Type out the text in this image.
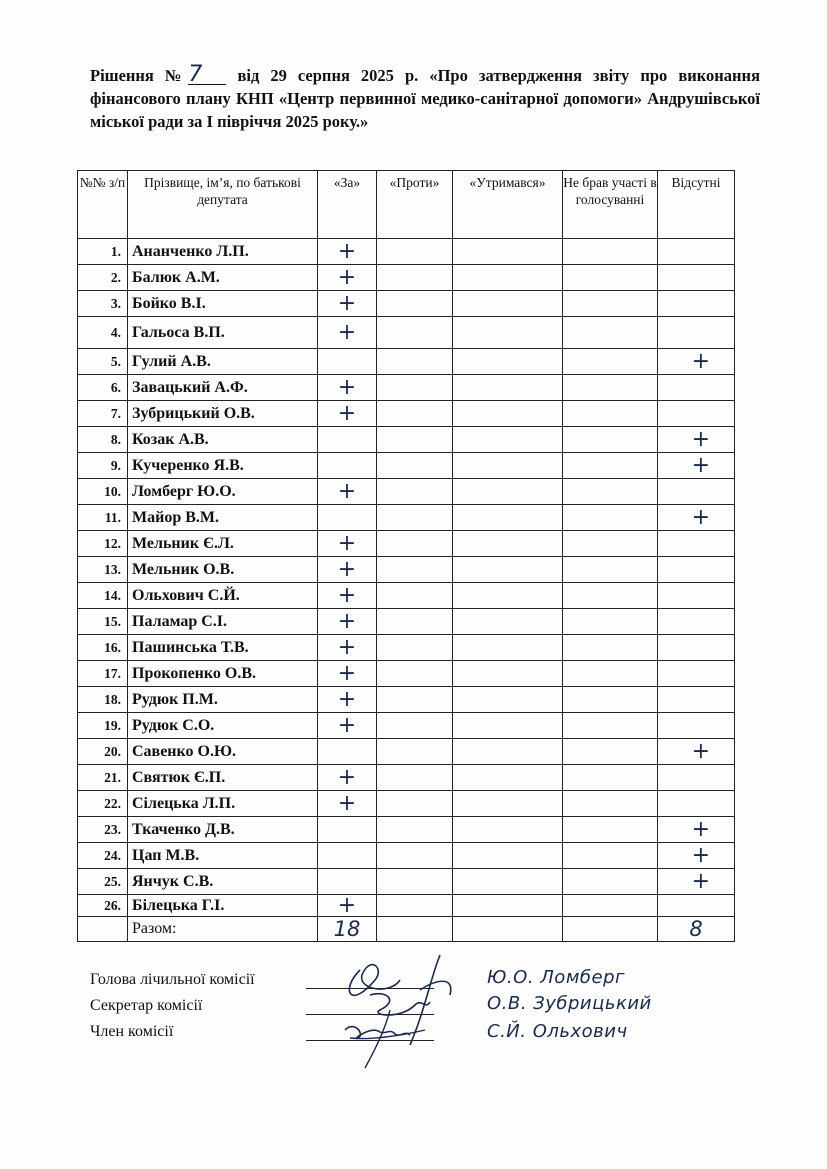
Рішення №7 від 29 серпня 2025 р. «Про затвердження звіту про виконання фінансового плану КНП «Центр первинної медико-санітарної допомоги» Андрушівської міської ради за І півріччя 2025 року.»
№№ з/п	Прізвище, ім’я, по батькові депутата	«За»	«Проти»	«Утримався»	Не брав участі в голосуванні	Відсутні
1.	Ананченко Л.П.	+				
2.	Балюк А.М.	+				
3.	Бойко В.І.	+				
4.	Гальоса В.П.	+				
5.	Гулий А.В.					+
6.	Завацький А.Ф.	+				
7.	Зубрицький О.В.	+				
8.	Козак А.В.					+
9.	Кучеренко Я.В.					+
10.	Ломберг Ю.О.	+				
11.	Майор В.М.					+
12.	Мельник Є.Л.	+				
13.	Мельник О.В.	+				
14.	Ольхович С.Й.	+				
15.	Паламар С.І.	+				
16.	Пашинська Т.В.	+				
17.	Прокопенко О.В.	+				
18.	Рудюк П.М.	+				
19.	Рудюк С.О.	+				
20.	Савенко О.Ю.					+
21.	Святюк Є.П.	+				
22.	Сілецька Л.П.	+				
23.	Ткаченко Д.В.					+
24.	Цап М.В.					+
25.	Янчук С.В.					+
26.	Білецька Г.І.	+				
	Разом:	18				8
Голова лічильної комісії
Секретар комісії
Член комісії
Ю.О. Ломберг
О.В. Зубрицький
С.Й. Ольхович
